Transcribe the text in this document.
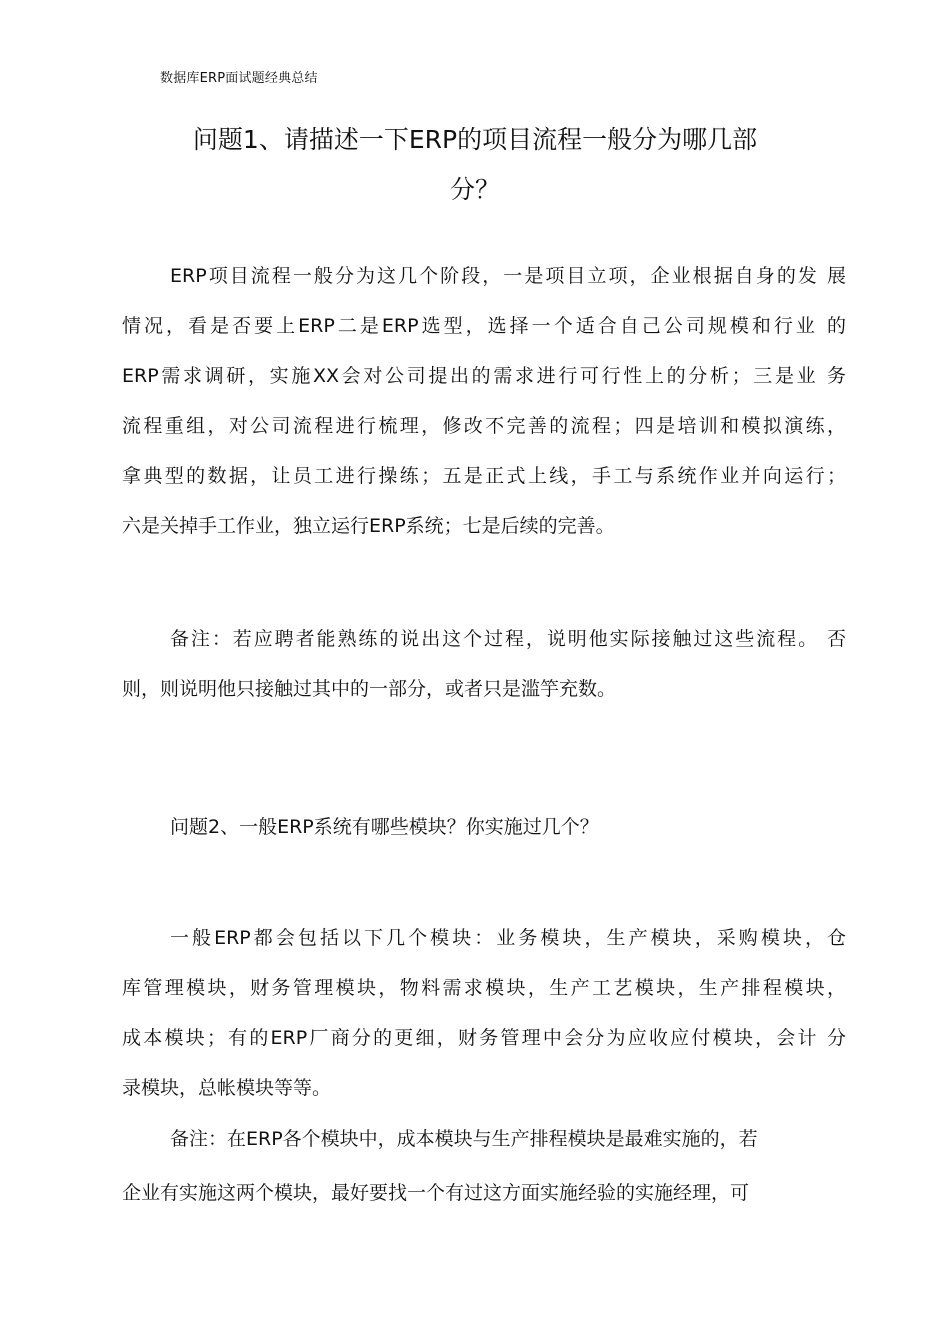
数据库ERP面试题经典总结
问题1、请描述一下ERP的项目流程一般分为哪几部
分？
ERP项目流程一般分为这几个阶段，一是项目立项，企业根据自身的发 展
情况，看是否要上ERP二是ERP选型，选择一个适合自己公司规模和行业 的
ERP需求调研，实施XX会对公司提出的需求进行可行性上的分析；三是业 务
流程重组，对公司流程进行梳理，修改不完善的流程；四是培训和模拟演练，
拿典型的数据，让员工进行操练；五是正式上线，手工与系统作业并向运行；
六是关掉手工作业，独立运行ERP系统；七是后续的完善。
备注：若应聘者能熟练的说出这个过程，说明他实际接触过这些流程。 否
则，则说明他只接触过其中的一部分，或者只是滥竽充数。
问题2、一般ERP系统有哪些模块？你实施过几个？
一般ERP都会包括以下几个模块：业务模块，生产模块，采购模块，仓
库管理模块，财务管理模块，物料需求模块，生产工艺模块，生产排程模块，
成本模块；有的ERP厂商分的更细，财务管理中会分为应收应付模块，会计 分
录模块，总帐模块等等。
备注：在ERP各个模块中，成本模块与生产排程模块是最难实施的，若
企业有实施这两个模块，最好要找一个有过这方面实施经验的实施经理，可
